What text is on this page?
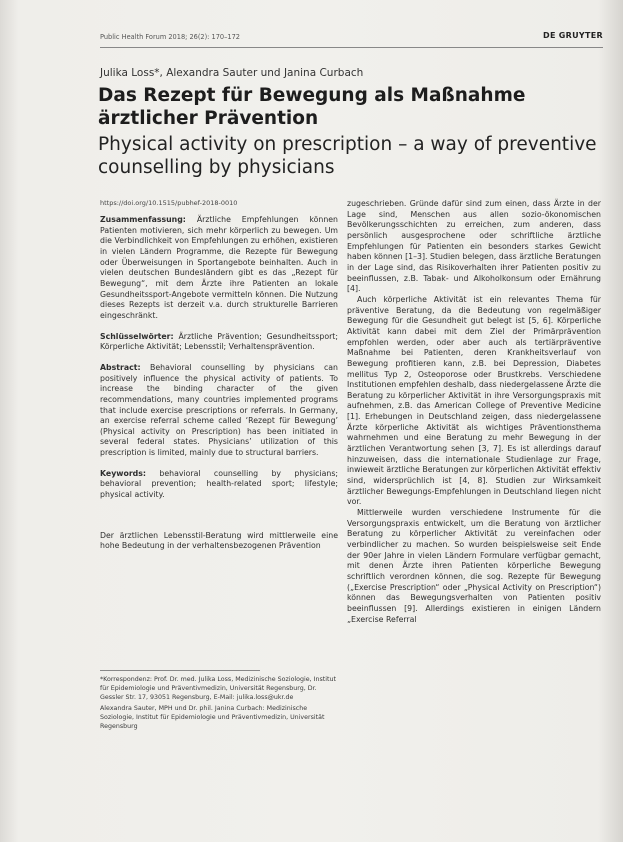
Public Health Forum 2018; 26(2): 170–172	DE GRUYTER
Julika Loss*, Alexandra Sauter und Janina Curbach
Das Rezept für Bewegung als Maßnahme ärztlicher Prävention
Physical activity on prescription – a way of preventive counselling by physicians
https://doi.org/10.1515/pubhef-2018-0010

Zusammenfassung: Ärztliche Empfehlungen können Patienten motivieren, sich mehr körperlich zu bewegen. Um die Verbindlichkeit von Empfehlungen zu erhöhen, existieren in vielen Ländern Programme, die Rezepte für Bewegung oder Überweisungen in Sportangebote beinhalten. Auch in vielen deutschen Bundesländern gibt es das „Rezept für Bewegung“, mit dem Ärzte ihre Patienten an lokale Gesundheitssport-Angebote vermitteln können. Die Nutzung dieses Rezepts ist derzeit v.a. durch strukturelle Barrieren eingeschränkt.

Schlüsselwörter: Ärztliche Prävention; Gesundheitssport; Körperliche Aktivität; Lebensstil; Verhaltensprävention.

Abstract: Behavioral counselling by physicians can positively influence the physical activity of patients. To increase the binding character of the given recommendations, many countries implemented programs that include exercise prescriptions or referrals. In Germany, an exercise referral scheme called ‘Rezept für Bewegung’ (Physical activity on Prescription) has been initiated in several federal states. Physicians’ utilization of this prescription is limited, mainly due to structural barriers.

Keywords: behavioral counselling by physicians; behavioral prevention; health-related sport; lifestyle; physical activity.

Der ärztlichen Lebensstil-Beratung wird mittlerweile eine hohe Bedeutung in der verhaltensbezogenen Prävention

*Korrespondenz: Prof. Dr. med. Julika Loss, Medizinische Soziologie, Institut für Epidemiologie und Präventivmedizin, Universität Regensburg, Dr. Gessler Str. 17, 93051 Regensburg, E-Mail: julika.loss@ukr.de

Alexandra Sauter, MPH und Dr. phil. Janina Curbach: Medizinische Soziologie, Institut für Epidemiologie und Präventivmedizin, Universität Regensburg

zugeschrieben. Gründe dafür sind zum einen, dass Ärzte in der Lage sind, Menschen aus allen sozio-ökonomischen Bevölkerungsschichten zu erreichen, zum anderen, dass persönlich ausgesprochene oder schriftliche ärztliche Empfehlungen für Patienten ein besonders starkes Gewicht haben können [1–3]. Studien belegen, dass ärztliche Beratungen in der Lage sind, das Risikoverhalten ihrer Patienten positiv zu beeinflussen, z.B. Tabak- und Alkoholkonsum oder Ernährung [4].

Auch körperliche Aktivität ist ein relevantes Thema für präventive Beratung, da die Bedeutung von regelmäßiger Bewegung für die Gesundheit gut belegt ist [5, 6]. Körperliche Aktivität kann dabei mit dem Ziel der Primärprävention empfohlen werden, oder aber auch als tertiärpräventive Maßnahme bei Patienten, deren Krankheitsverlauf von Bewegung profitieren kann, z.B. bei Depression, Diabetes mellitus Typ 2, Osteoporose oder Brustkrebs. Verschiedene Institutionen empfehlen deshalb, dass niedergelassene Ärzte die Beratung zu körperlicher Aktivität in ihre Versorgungspraxis mit aufnehmen, z.B. das American College of Preventive Medicine [1]. Erhebungen in Deutschland zeigen, dass niedergelassene Ärzte körperliche Aktivität als wichtiges Präventionsthema wahrnehmen und eine Beratung zu mehr Bewegung in der ärztlichen Verantwortung sehen [3, 7]. Es ist allerdings darauf hinzuweisen, dass die internationale Studienlage zur Frage, inwieweit ärztliche Beratungen zur körperlichen Aktivität effektiv sind, widersprüchlich ist [4, 8]. Studien zur Wirksamkeit ärztlicher Bewegungs-Empfehlungen in Deutschland liegen nicht vor.

Mittlerweile wurden verschiedene Instrumente für die Versorgungspraxis entwickelt, um die Beratung von ärztlicher Beratung zu körperlicher Aktivität zu vereinfachen oder verbindlicher zu machen. So wurden beispielsweise seit Ende der 90er Jahre in vielen Ländern Formulare verfügbar gemacht, mit denen Ärzte ihren Patienten körperliche Bewegung schriftlich verordnen können, die sog. Rezepte für Bewegung („Exercise Prescription“ oder „Physical Activity on Prescription“) können das Bewegungsverhalten von Patienten positiv beeinflussen [9]. Allerdings existieren in einigen Ländern „Exercise Referral
